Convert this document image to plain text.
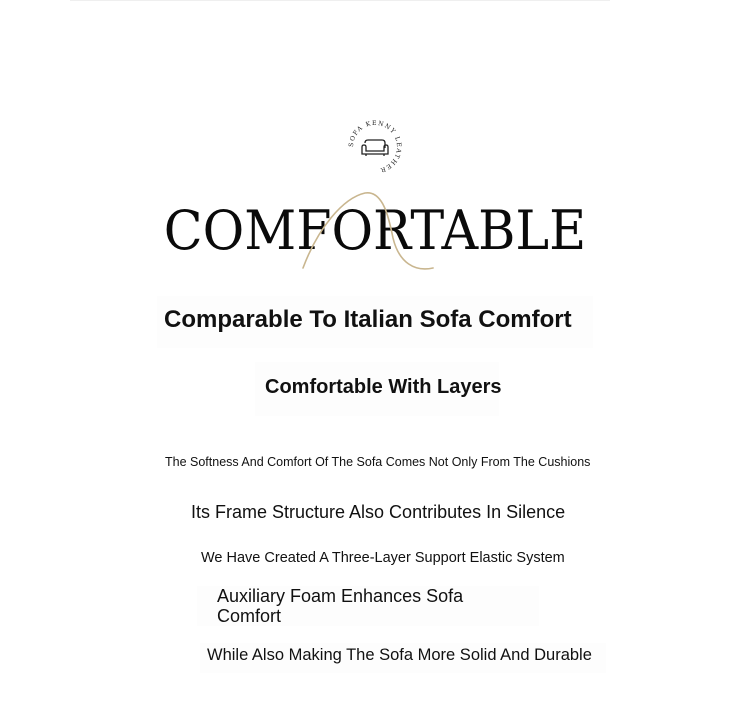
SOFA KENNY LEATHER
COMFORTABLE
Comparable To Italian Sofa Comfort
Comfortable With Layers
The Softness And Comfort Of The Sofa Comes Not Only From The Cushions
Its Frame Structure Also Contributes In Silence
We Have Created A Three-Layer Support Elastic System
Auxiliary Foam Enhances Sofa Comfort
While Also Making The Sofa More Solid And Durable
